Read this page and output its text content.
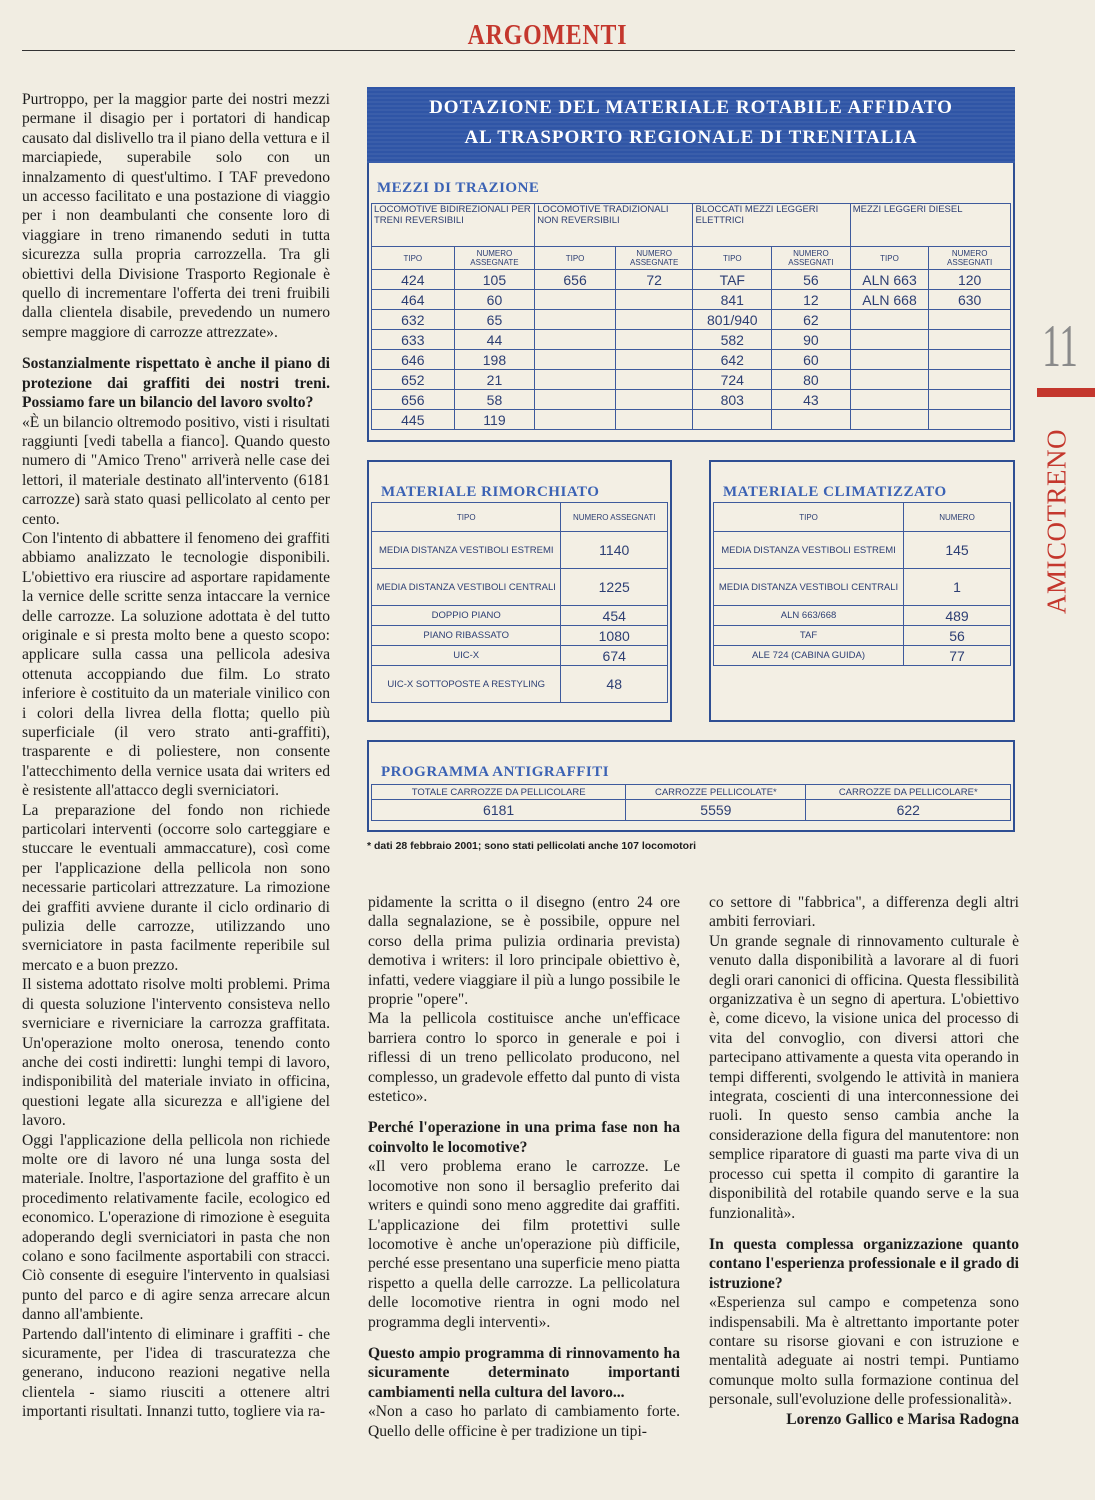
ARGOMENTI
11
AMICOTRENO

Purtroppo, per la maggior parte dei nostri mezzi permane il disagio per i portatori di handicap causato dal dislivello tra il piano della vettura e il marciapiede, superabile solo con un innalzamento di quest'ultimo. I TAF prevedono un accesso facilitato e una postazione di viaggio per i non deambulanti che consente loro di viaggiare in treno rimanendo seduti in tutta sicurezza sulla propria carrozzella. Tra gli obiettivi della Divisione Trasporto Regionale è quello di incrementare l'offerta dei treni fruibili dalla clientela disabile, prevedendo un numero sempre maggiore di carrozze attrezzate».

Sostanzialmente rispettato è anche il piano di protezione dai graffiti dei nostri treni. Possiamo fare un bilancio del lavoro svolto?

«È un bilancio oltremodo positivo, visti i risultati raggiunti [vedi tabella a fianco]. Quando questo numero di "Amico Treno" arriverà nelle case dei lettori, il materiale destinato all'intervento (6181 carrozze) sarà stato quasi pellicolato al cento per cento.

Con l'intento di abbattere il fenomeno dei graffiti abbiamo analizzato le tecnologie disponibili. L'obiettivo era riuscire ad asportare rapidamente la vernice delle scritte senza intaccare la vernice delle carrozze. La soluzione adottata è del tutto originale e si presta molto bene a questo scopo: applicare sulla cassa una pellicola adesiva ottenuta accoppiando due film. Lo strato inferiore è costituito da un materiale vinilico con i colori della livrea della flotta; quello più superficiale (il vero strato anti-graffiti), trasparente e di poliestere, non consente l'attecchimento della vernice usata dai writers ed è resistente all'attacco degli sverniciatori.

La preparazione del fondo non richiede particolari interventi (occorre solo carteggiare e stuccare le eventuali ammaccature), così come per l'applicazione della pellicola non sono necessarie particolari attrezzature. La rimozione dei graffiti avviene durante il ciclo ordinario di pulizia delle carrozze, utilizzando uno sverniciatore in pasta facilmente reperibile sul mercato e a buon prezzo.

Il sistema adottato risolve molti problemi. Prima di questa soluzione l'intervento consisteva nello sverniciare e riverniciare la carrozza graffitata. Un'operazione molto onerosa, tenendo conto anche dei costi indiretti: lunghi tempi di lavoro, indisponibilità del materiale inviato in officina, questioni legate alla sicurezza e all'igiene del lavoro.

Oggi l'applicazione della pellicola non richiede molte ore di lavoro né una lunga sosta del materiale. Inoltre, l'asportazione del graffito è un procedimento relativamente facile, ecologico ed economico. L'operazione di rimozione è eseguita adoperando degli sverniciatori in pasta che non colano e sono facilmente asportabili con stracci. Ciò consente di eseguire l'intervento in qualsiasi punto del parco e di agire senza arrecare alcun danno all'ambiente.

Partendo dall'intento di eliminare i graffiti - che sicuramente, per l'idea di trascuratezza che generano, inducono reazioni negative nella clientela - siamo riusciti a ottenere altri importanti risultati. Innanzi tutto, togliere via ra-

pidamente la scritta o il disegno (entro 24 ore dalla segnalazione, se è possibile, oppure nel corso della prima pulizia ordinaria prevista) demotiva i writers: il loro principale obiettivo è, infatti, vedere viaggiare il più a lungo possibile le proprie "opere".

Ma la pellicola costituisce anche un'efficace barriera contro lo sporco in generale e poi i riflessi di un treno pellicolato producono, nel complesso, un gradevole effetto dal punto di vista estetico».

Perché l'operazione in una prima fase non ha coinvolto le locomotive?

«Il vero problema erano le carrozze. Le locomotive non sono il bersaglio preferito dai writers e quindi sono meno aggredite dai graffiti. L'applicazione dei film protettivi sulle locomotive è anche un'operazione più difficile, perché esse presentano una superficie meno piatta rispetto a quella delle carrozze. La pellicolatura delle locomotive rientra in ogni modo nel programma degli interventi».

Questo ampio programma di rinnovamento ha sicuramente determinato importanti cambiamenti nella cultura del lavoro...

«Non a caso ho parlato di cambiamento forte. Quello delle officine è per tradizione un tipi-

co settore di "fabbrica", a differenza degli altri ambiti ferroviari.

Un grande segnale di rinnovamento culturale è venuto dalla disponibilità a lavorare al di fuori degli orari canonici di officina. Questa flessibilità organizzativa è un segno di apertura. L'obiettivo è, come dicevo, la visione unica del processo di vita del convoglio, con diversi attori che partecipano attivamente a questa vita operando in tempi differenti, svolgendo le attività in maniera integrata, coscienti di una interconnessione dei ruoli. In questo senso cambia anche la considerazione della figura del manutentore: non semplice riparatore di guasti ma parte viva di un processo cui spetta il compito di garantire la disponibilità del rotabile quando serve e la sua funzionalità».

In questa complessa organizzazione quanto contano l'esperienza professionale e il grado di istruzione?

«Esperienza sul campo e competenza sono indispensabili. Ma è altrettanto importante poter contare su risorse giovani e con istruzione e mentalità adeguate ai nostri tempi. Puntiamo comunque molto sulla formazione continua del personale, sull'evoluzione delle professionalità».

Lorenzo Gallico e Marisa Radogna

DOTAZIONE DEL MATERIALE ROTABILE AFFIDATO
AL TRASPORTO REGIONALE DI TRENITALIA
MEZZI DI TRAZIONE
LOCOMOTIVE BIDIREZIONALI PER TRENI REVERSIBILI		LOCOMOTIVE TRADIZIONALI NON REVERSIBILI		BLOCCATI MEZZI LEGGERI ELETTRICI		MEZZI LEGGERI DIESEL	
TIPO	NUMERO ASSEGNATE	TIPO	NUMERO ASSEGNATE	TIPO	NUMERO ASSEGNATI	TIPO	NUMERO ASSEGNATI
424	105	656	72	TAF	56	ALN 663	120
464	60			841	12	ALN 668	630
632	65			801/940	62		
633	44			582	90		
646	198			642	60		
652	21			724	80		
656	58			803	43		
445	119						
MATERIALE RIMORCHIATO
TIPO	NUMERO ASSEGNATI
MEDIA DISTANZA VESTIBOLI ESTREMI	1140
MEDIA DISTANZA VESTIBOLI CENTRALI	1225
DOPPIO PIANO	454
PIANO RIBASSATO	1080
UIC-X	674
UIC-X SOTTOPOSTE A RESTYLING	48
MATERIALE CLIMATIZZATO
TIPO	NUMERO
MEDIA DISTANZA VESTIBOLI ESTREMI	145
MEDIA DISTANZA VESTIBOLI CENTRALI	1
ALN 663/668	489
TAF	56
ALE 724 (CABINA GUIDA)	77
PROGRAMMA ANTIGRAFFITI
TOTALE CARROZZE DA PELLICOLARE	CARROZZE PELLICOLATE*	CARROZZE DA PELLICOLARE*
6181	5559	622
* dati 28 febbraio 2001; sono stati pellicolati anche 107 locomotori
